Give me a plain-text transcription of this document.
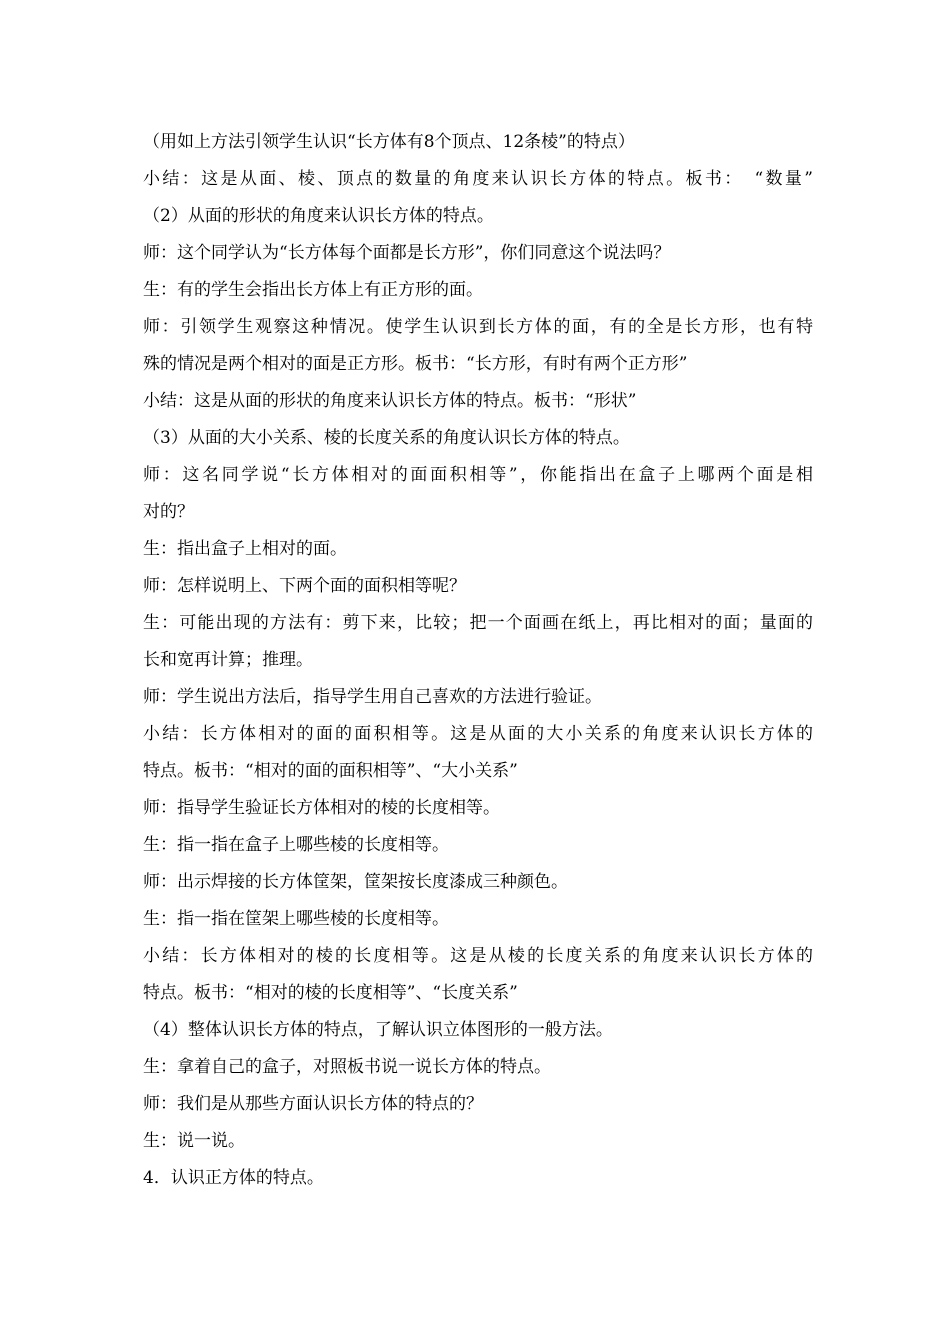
（用如上方法引领学生认识“长方体有8个顶点、12条棱”的特点）
小结：这是从面、棱、顶点的数量的角度来认识长方体的特点。板书：　“数量”
（2）从面的形状的角度来认识长方体的特点。
师：这个同学认为“长方体每个面都是长方形”，你们同意这个说法吗？
生：有的学生会指出长方体上有正方形的面。
师：引领学生观察这种情况。使学生认识到长方体的面，有的全是长方形，也有特
殊的情况是两个相对的面是正方形。板书：“长方形，有时有两个正方形”
小结：这是从面的形状的角度来认识长方体的特点。板书：“形状”
（3）从面的大小关系、棱的长度关系的角度认识长方体的特点。
师：这名同学说“长方体相对的面面积相等”，你能指出在盒子上哪两个面是相
对的？
生：指出盒子上相对的面。
师：怎样说明上、下两个面的面积相等呢？
生：可能出现的方法有：剪下来，比较；把一个面画在纸上，再比相对的面；量面的
长和宽再计算；推理。
师：学生说出方法后，指导学生用自己喜欢的方法进行验证。
小结：长方体相对的面的面积相等。这是从面的大小关系的角度来认识长方体的
特点。板书：“相对的面的面积相等”、“大小关系”
师：指导学生验证长方体相对的棱的长度相等。
生：指一指在盒子上哪些棱的长度相等。
师：出示焊接的长方体筐架，筐架按长度漆成三种颜色。
生：指一指在筐架上哪些棱的长度相等。
小结：长方体相对的棱的长度相等。这是从棱的长度关系的角度来认识长方体的
特点。板书：“相对的棱的长度相等”、“长度关系”
（4）整体认识长方体的特点，了解认识立体图形的一般方法。
生：拿着自己的盒子，对照板书说一说长方体的特点。
师：我们是从那些方面认识长方体的特点的？
生：说一说。
4．认识正方体的特点。
